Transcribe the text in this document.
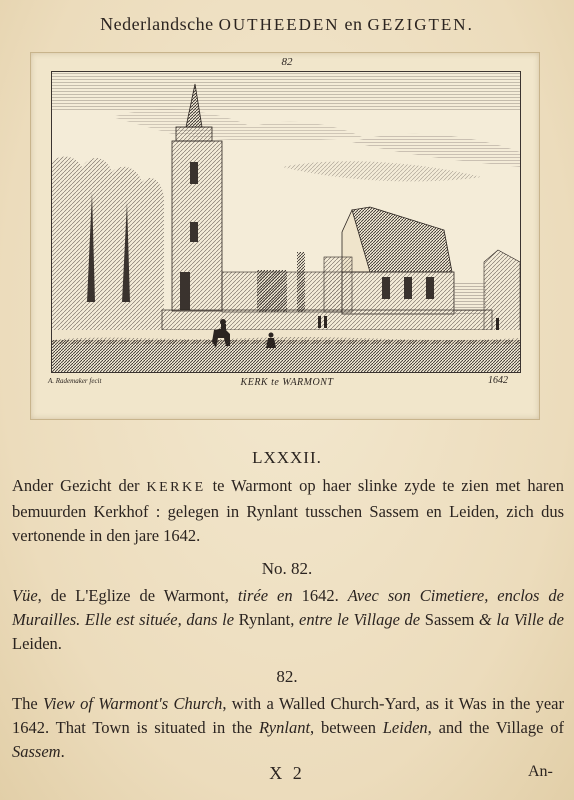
Nederlandsche OUTHEEDEN en GEZIGTEN.
82
A. Rademaker fecit	KERK te WARMONT	1642
LXXXII.

Ander Gezicht der KERKE te Warmont op haer slinke zyde te zien met haren bemuurden Kerkhof : gelegen in Rynlant tusschen Sassem en Leiden, zich dus vertonende in den jare 1642.

No. 82.

Vüe, de L'Eglize de Warmont, tirée en 1642. Avec son Cimetiere, enclos de Murailles. Elle est située, dans le Rynlant, entre le Village de Sassem & la Ville de Leiden.

82.

The View of Warmont's Church, with a Walled Church-Yard, as it Was in the year 1642. That Town is situated in the Rynlant, between Leiden, and the Village of Sassem.

X 2	An-
